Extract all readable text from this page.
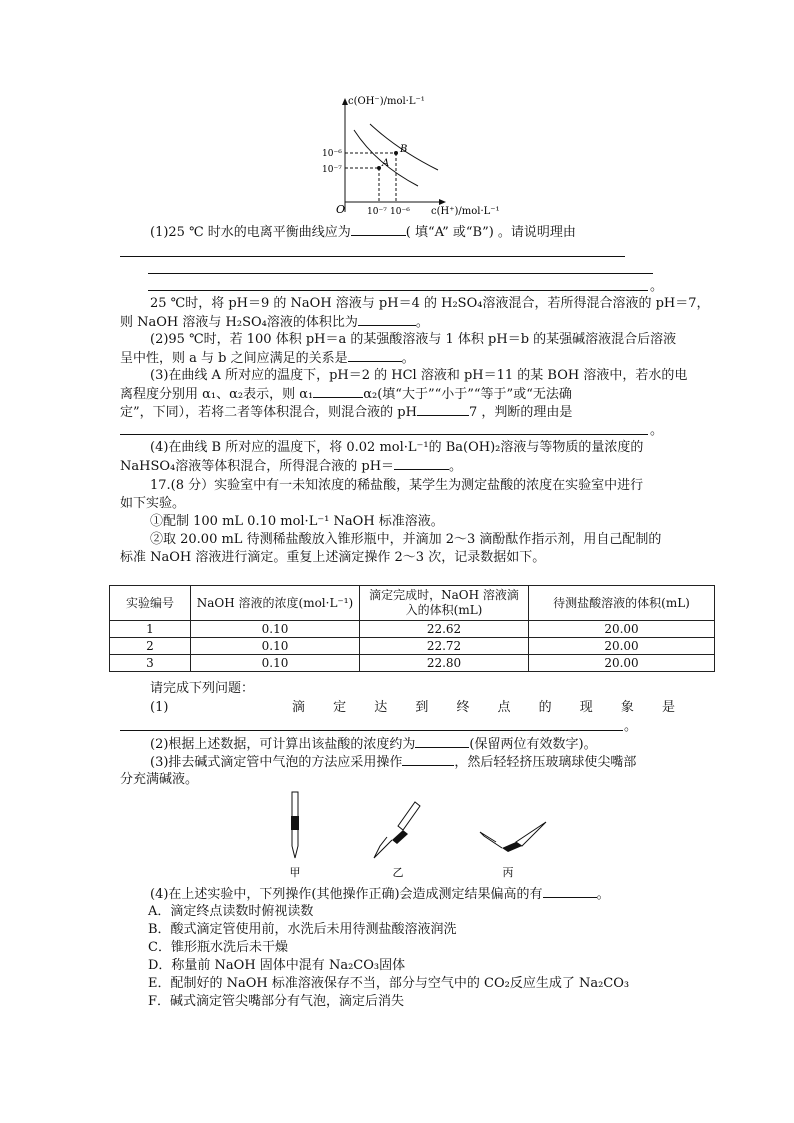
c(OH⁻)/mol·L⁻¹
c(H⁺)/mol·L⁻¹
O
A
B
10⁻⁶
10⁻⁷
10⁻⁷ 10⁻⁶
(1)25 ℃ 时水的电离平衡曲线应为	( 填“A” 或“B”) 。请说明理由
。
25 ℃时，将 pH＝9 的 NaOH 溶液与 pH＝4 的 H₂SO₄溶液混合，若所得混合溶液的 pH＝7，
则 NaOH 溶液与 H₂SO₄溶液的体积比为	。
(2)95 ℃时，若 100 体积 pH＝a 的某强酸溶液与 1 体积 pH＝b 的某强碱溶液混合后溶液
呈中性，则 a 与 b 之间应满足的关系是	。
(3)在曲线 A 所对应的温度下，pH＝2 的 HCl 溶液和 pH＝11 的某 BOH 溶液中，若水的电
离程度分别用 α₁、α₂表示，则 α₁	α₂(填“大于”“小于”“等于”或“无法确
定”，下同），若将二者等体积混合，则混合液的 pH	7 ，判断的理由是
。
(4)在曲线 B 所对应的温度下，将 0.02 mol·L⁻¹的 Ba(OH)₂溶液与等物质的量浓度的
NaHSO₄溶液等体积混合，所得混合液的 pH＝	。
17.(8 分）实验室中有一未知浓度的稀盐酸，某学生为测定盐酸的浓度在实验室中进行
如下实验。
①配制 100 mL 0.10 mol·L⁻¹ NaOH 标准溶液。
②取 20.00 mL 待测稀盐酸放入锥形瓶中，并滴加 2～3 滴酚酞作指示剂，用自己配制的
标准 NaOH 溶液进行滴定。重复上述滴定操作 2～3 次，记录数据如下。
实验编号	NaOH 溶液的浓度(mol·L⁻¹)	滴定完成时，NaOH 溶液滴入的体积(mL)	待测盐酸溶液的体积(mL)
1	0.10	22.62	20.00
2	0.10	22.72	20.00
3	0.10	22.80	20.00
请完成下列问题：
(1)	滴 定 达 到 终 点 的 现 象 是
。
(2)根据上述数据，可计算出该盐酸的浓度约为	(保留两位有效数字)。
(3)排去碱式滴定管中气泡的方法应采用操作	，然后轻轻挤压玻璃球使尖嘴部
分充满碱液。
甲	乙	丙
(4)在上述实验中，下列操作(其他操作正确)会造成测定结果偏高的有	。
A．滴定终点读数时俯视读数
B．酸式滴定管使用前，水洗后未用待测盐酸溶液润洗
C．锥形瓶水洗后未干燥
D．称量前 NaOH 固体中混有 Na₂CO₃固体
E．配制好的 NaOH 标准溶液保存不当，部分与空气中的 CO₂反应生成了 Na₂CO₃
F．碱式滴定管尖嘴部分有气泡，滴定后消失
